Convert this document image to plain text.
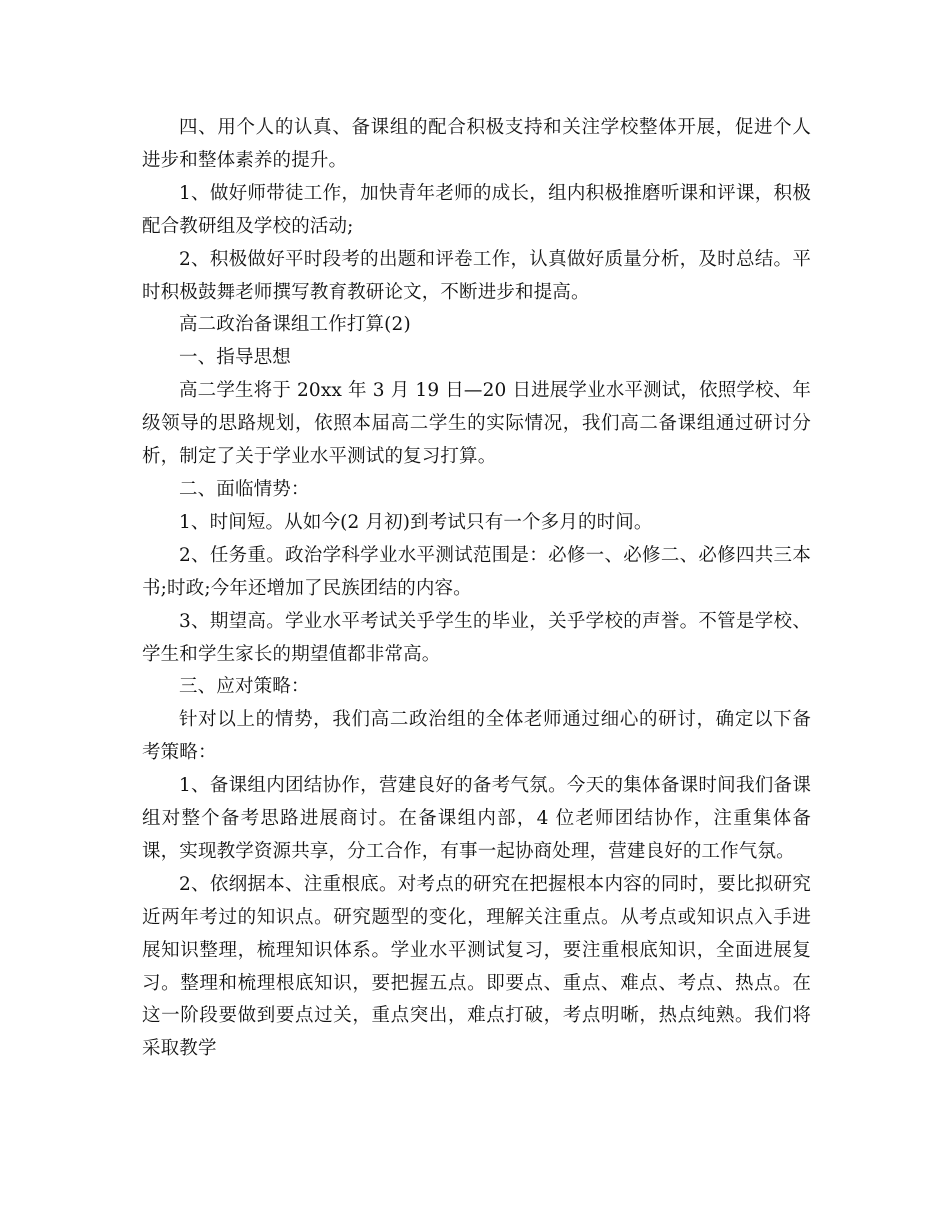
四、用个人的认真、备课组的配合积极支持和关注学校整体开展，促进个人进步和整体素养的提升。

1、做好师带徒工作，加快青年老师的成长，组内积极推磨听课和评课，积极配合教研组及学校的活动;

2、积极做好平时段考的出题和评卷工作，认真做好质量分析，及时总结。平时积极鼓舞老师撰写教育教研论文，不断进步和提高。

高二政治备课组工作打算(2)

一、指导思想

高二学生将于 20xx 年 3 月 19 日—20 日进展学业水平测试，依照学校、年级领导的思路规划，依照本届高二学生的实际情况，我们高二备课组通过研讨分析，制定了关于学业水平测试的复习打算。

二、面临情势：

1、时间短。从如今(2 月初)到考试只有一个多月的时间。

2、任务重。政治学科学业水平测试范围是：必修一、必修二、必修四共三本书;时政;今年还增加了民族团结的内容。

3、期望高。学业水平考试关乎学生的毕业，关乎学校的声誉。不管是学校、学生和学生家长的期望值都非常高。

三、应对策略：

针对以上的情势，我们高二政治组的全体老师通过细心的研讨，确定以下备考策略：

1、备课组内团结协作，营建良好的备考气氛。今天的集体备课时间我们备课组对整个备考思路进展商讨。在备课组内部，4 位老师团结协作，注重集体备课，实现教学资源共享，分工合作，有事一起协商处理，营建良好的工作气氛。

2、依纲据本、注重根底。对考点的研究在把握根本内容的同时，要比拟研究近两年考过的知识点。研究题型的变化，理解关注重点。从考点或知识点入手进展知识整理，梳理知识体系。学业水平测试复习，要注重根底知识，全面进展复习。整理和梳理根底知识，要把握五点。即要点、重点、难点、考点、热点。在这一阶段要做到要点过关，重点突出，难点打破，考点明晰，热点纯熟。我们将采取教学
